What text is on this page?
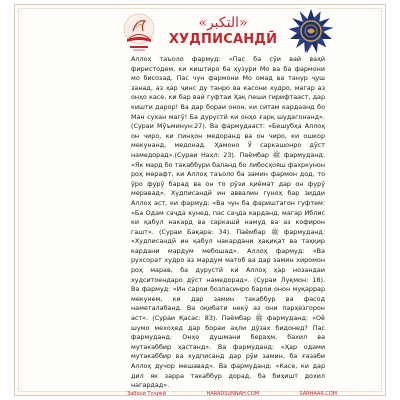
«التكبر»
ХУДПИСАНДӢ

Аллоҳ таъоло фармуд: «Пас ба сӯи вай ваҳй фиристодем, ки киштиро ба ҳузури Мо ва ба фармони мо бисозад. Пас чун фармони Мо омад ва танур ҷуш занад, аз ҳар ҷинс ду танро ва касони худро, магар аз онҳо касе, ки бар вай гуфтаи Ҳақ пеши гирифтааст, дар кишти дарор! Ва дар бораи онон, ки ситам кардаанд бо Ман сухан магӯ! Ба дурустӣ ки онҳо ғарқ шудагонанд». (Сураи Мӯъминун:27). Ва фармудааст: «Бешубҳа Аллоҳ он чиро, ки пинҳон медоранд ва он чиро, ки ошкор мекунанд, медонад. Ҳамоно Ӯ саркашонро дӯст намедорад».(Сураи Наҳл: 23). Паёмбар ﷺ фармуданд: «Як мард бо такаббури баланд бо либосҳояш фахркунон роҳ мерафт, ки Аллоҳ таъоло ба замин фармон дод, то ӯро фурӯ барад ва он то рӯзи қиёмат дар он фурӯ меравад». Худписандӣ ин аввалин гуноҳ бар зидди Аллоҳ аст, ки фармуд: «Ва чун ба фариштагон гуфтем: «Ба Одам саҷда кунед, пас саҷда карданд, магар Иблис ки қабул накард ва саркашӣ намуд ва аз кофирон гашт». (Сураи Бақара: 34). Паёмбар ﷺ фармуданд: «Худписандӣ ин қабул накардани ҳақиқат ва таҳқир кардани мардум мебошад». Аллоҳ фармуд: «Ва рухсорат худро аз мардум матоб ва дар замин хиромон роҳ марав, ба дурустӣ ки Аллоҳ ҳар нозандаи худситоендаро дӯст намедорад». (Сураи Луқмон: 18). Ва фармуд: «Ин сарои бозпасинро барои онон муқаррар мекунем, ки дар замин такаббур ва фасод наметалабанд. Ва оқибати некӯ аз они парҳезгорон аст». (Сураи Қасас: 83). Паёмбар ﷺ фармуданд: «Оё шумо мехоҳед дар бораи аҳли дӯзах бидонед? Пас фармуданд: Онҳо душмани бераҳм, бахил ва мутакаббир ҳастанд». Ва фармуданд: «Ҳар одами мутакаббир ва худписанд дар рӯи замин, ба ғазаби Аллоҳ дучор мешавад». Ва фармуданд: «Касе, ки дар дил як зарра такаббур дорад, ба биҳишт дохил нагардад».

Забони Тоҷикӣ	HARADSUNNAH.COM	SARHAAR.COM
